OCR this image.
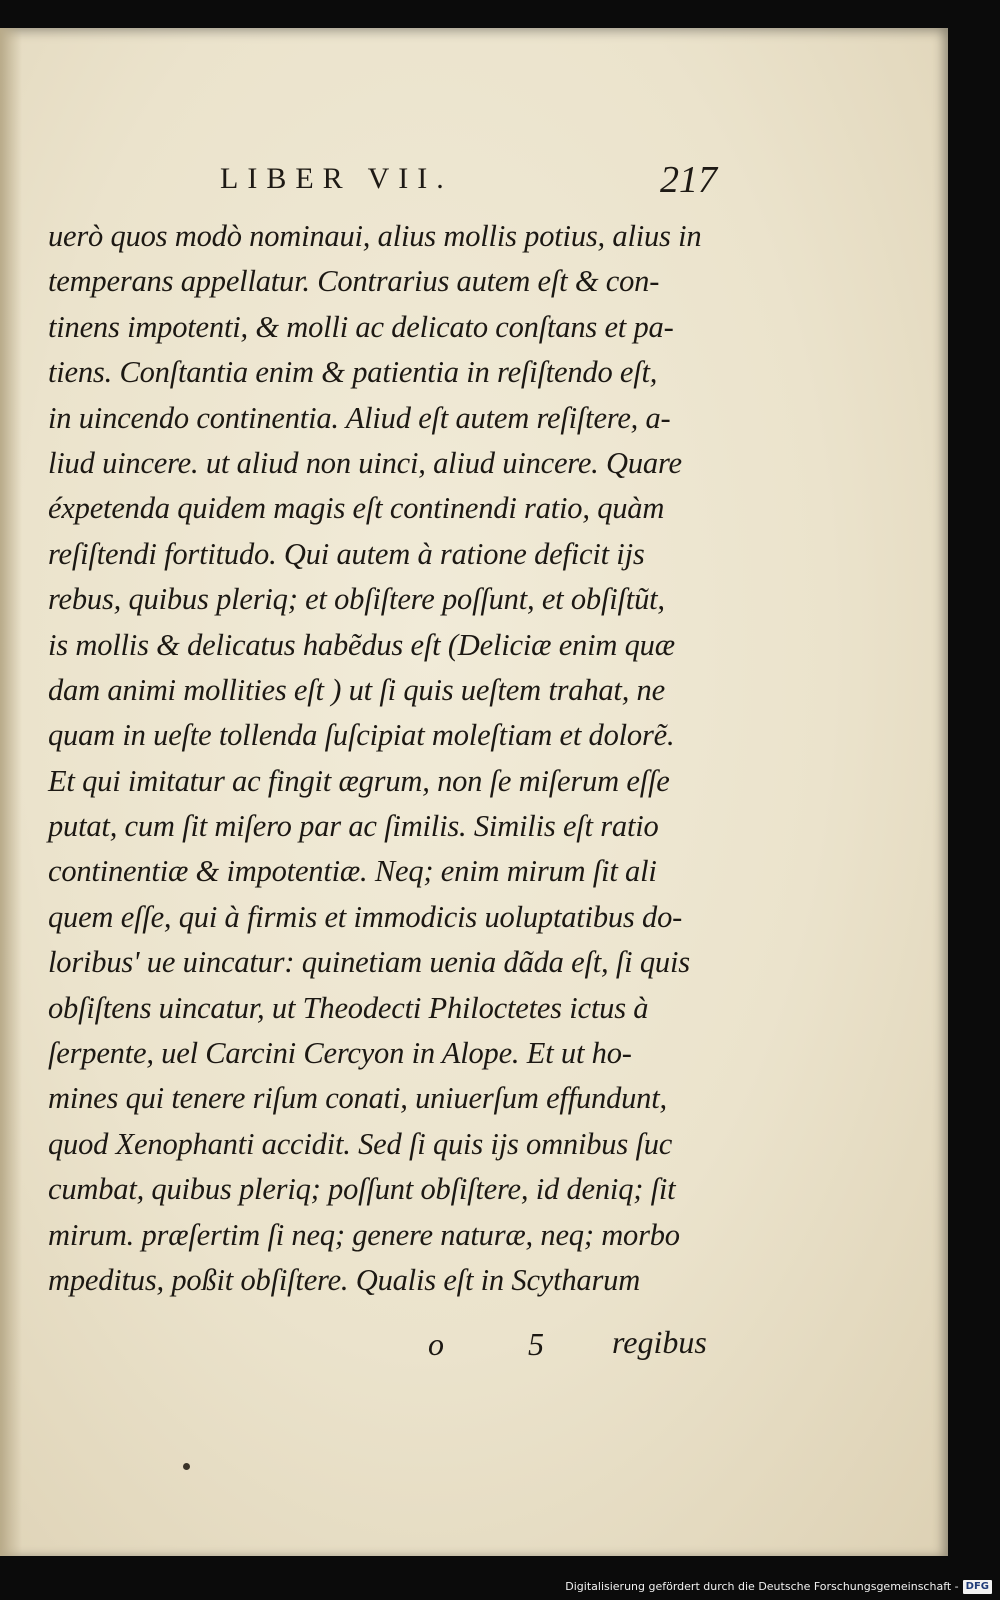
LIBER VII.	217
uerò quos modò nominaui, alius mollis potius, alius in
temperans appellatur. Contrarius autem eſt & con-
tinens impotenti, & molli ac delicato conſtans et pa-
tiens. Conſtantia enim & patientia in reſiſtendo eſt,
in uincendo continentia. Aliud eſt autem reſiſtere, a-
liud uincere. ut aliud non uinci, aliud uincere. Quare
éxpetenda quidem magis eſt continendi ratio, quàm
reſiſtendi fortitudo. Qui autem à ratione deficit ijs
rebus, quibus pleriq; et obſiſtere poſſunt, et obſiſtũt,
is mollis & delicatus habẽdus eſt (Deliciæ enim quæ
dam animi mollities eſt ) ut ſi quis ueſtem trahat, ne
quam in ueſte tollenda ſuſcipiat moleſtiam et dolorẽ.
Et qui imitatur ac fingit ægrum, non ſe miſerum eſſe
putat, cum ſit miſero par ac ſimilis. Similis eſt ratio
continentiæ & impotentiæ. Neq; enim mirum ſit ali
quem eſſe, qui à firmis et immodicis uoluptatibus do-
loribus' ue uincatur: quinetiam uenia dãda eſt, ſi quis
obſiſtens uincatur, ut Theodecti Philoctetes ictus à
ſerpente, uel Carcini Cercyon in Alope. Et ut ho-
mines qui tenere riſum conati, uniuerſum effundunt,
quod Xenophanti accidit. Sed ſi quis ijs omnibus ſuc
cumbat, quibus pleriq; poſſunt obſiſtere, id deniq; ſit
mirum. præſertim ſi neq; genere naturæ, neq; morbo
mpeditus, poßit obſiſtere. Qualis eſt in Scytharum
o 5 regibus
Digitalisierung gefördert durch die Deutsche Forschungsgemeinschaft - DFG
